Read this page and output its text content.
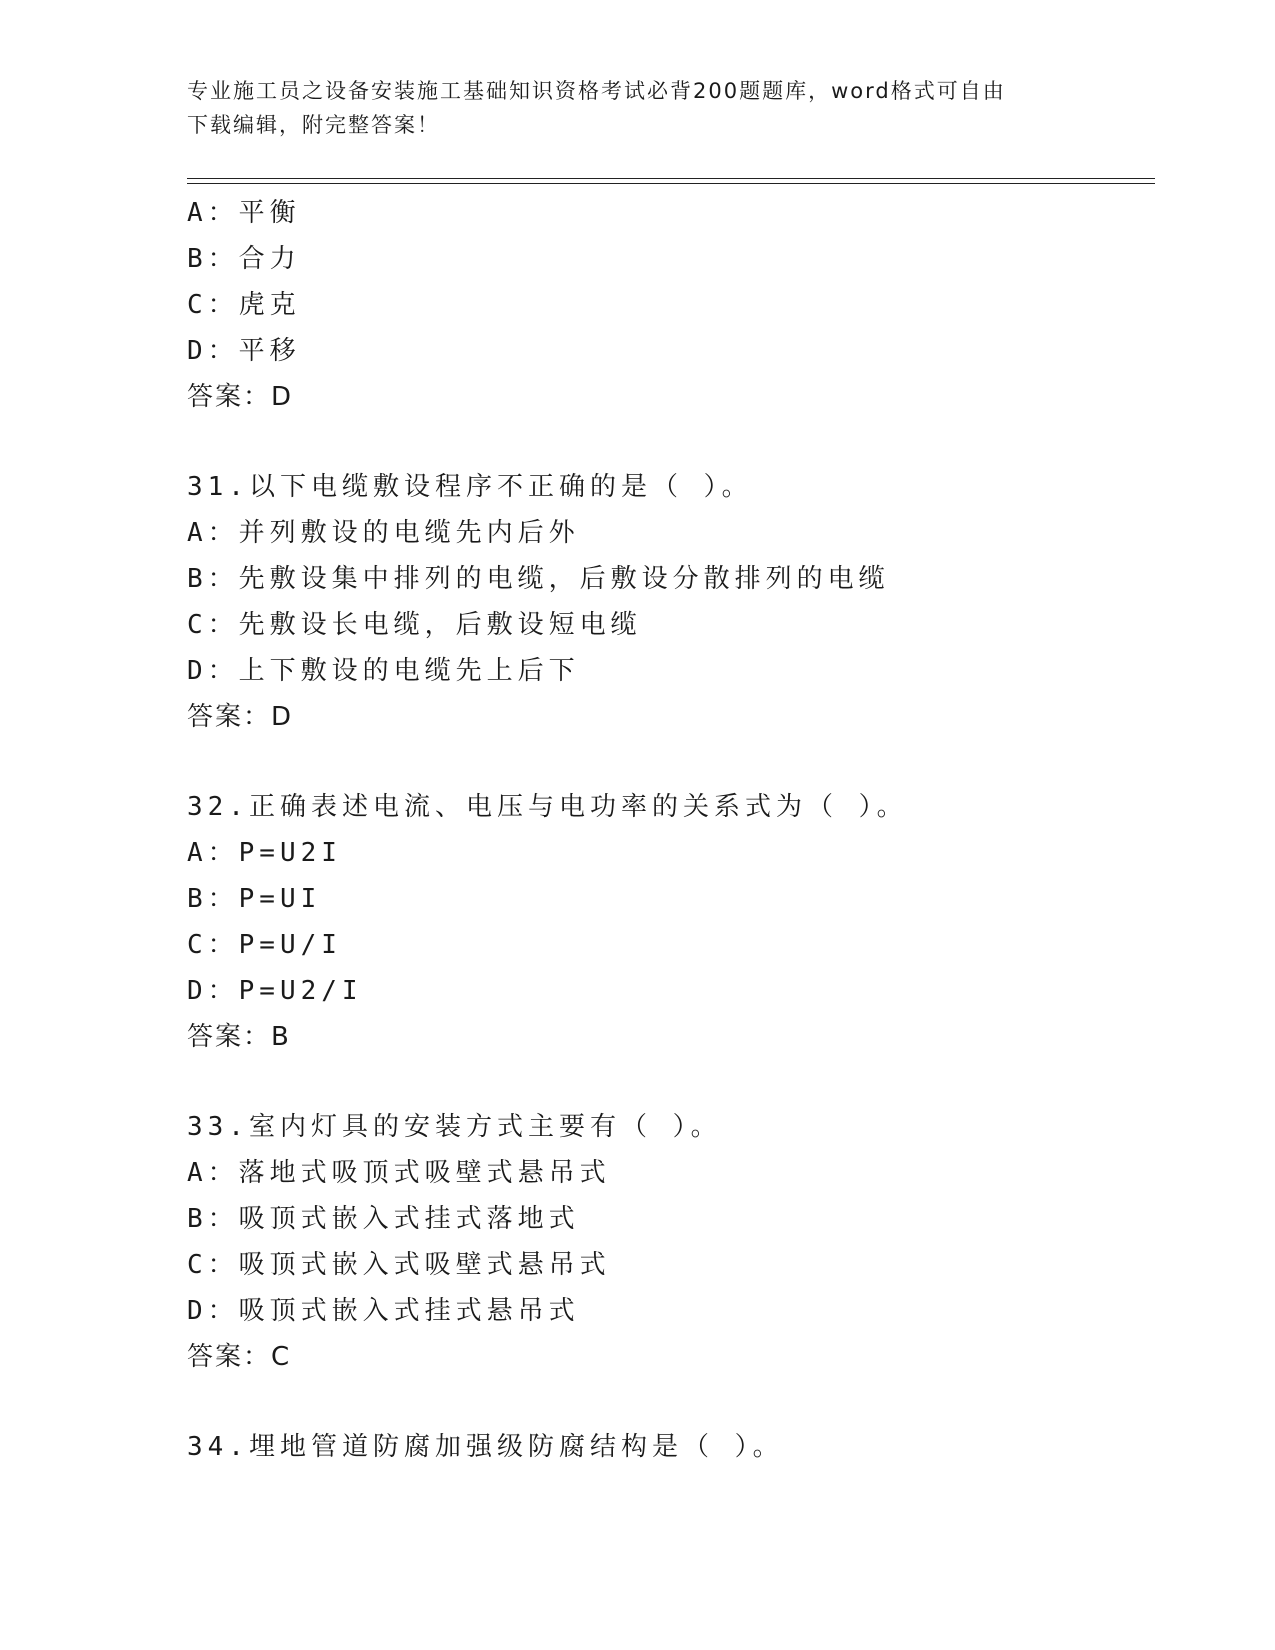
专业施工员之设备安装施工基础知识资格考试必背200题题库，word格式可自由
下载编辑，附完整答案！
A：平衡
B：合力
C：虎克
D：平移
答案：D
31.以下电缆敷设程序不正确的是（ ）。
A：并列敷设的电缆先内后外
B：先敷设集中排列的电缆，后敷设分散排列的电缆
C：先敷设长电缆，后敷设短电缆
D：上下敷设的电缆先上后下
答案：D
32.正确表述电流、电压与电功率的关系式为（ ）。
A：P=U2I
B：P=UI
C：P=U/I
D：P=U2/I
答案：B
33.室内灯具的安装方式主要有（ ）。
A：落地式吸顶式吸壁式悬吊式
B：吸顶式嵌入式挂式落地式
C：吸顶式嵌入式吸壁式悬吊式
D：吸顶式嵌入式挂式悬吊式
答案：C
34.埋地管道防腐加强级防腐结构是（ ）。
